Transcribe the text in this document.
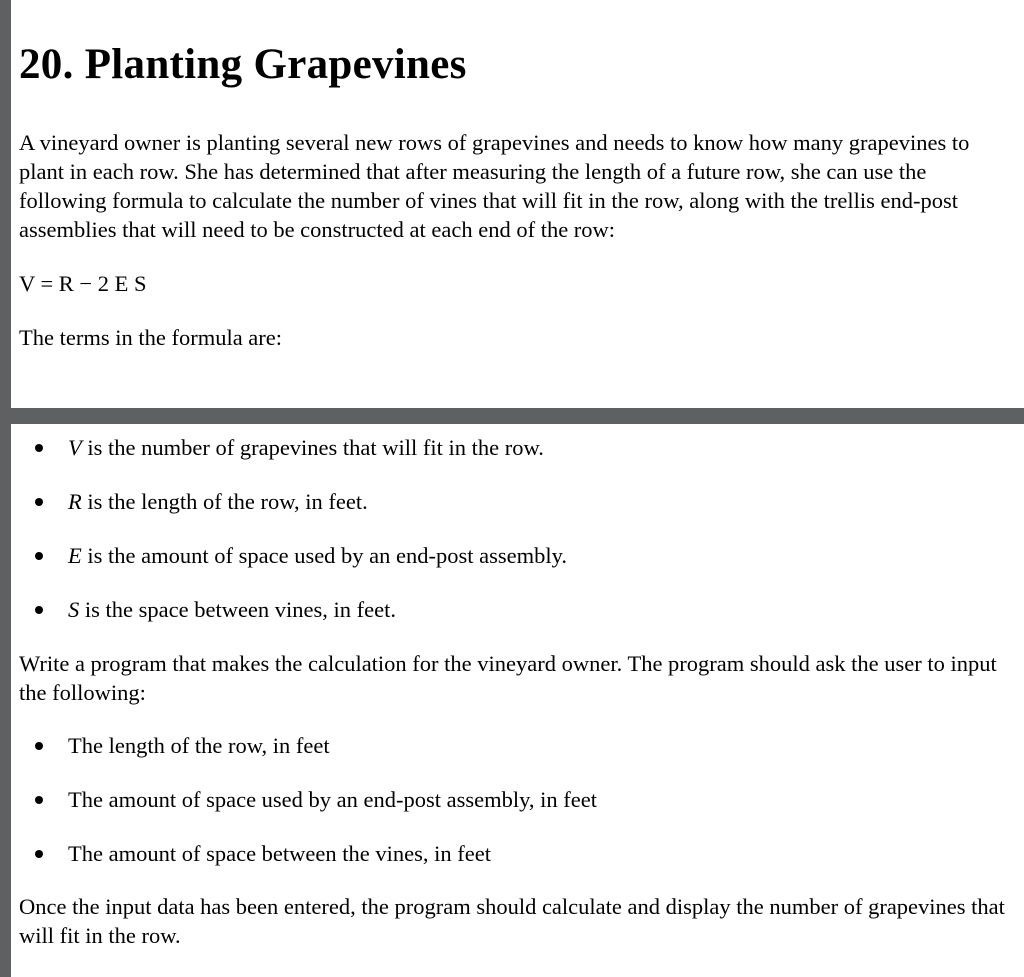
20. Planting Grapevines

A vineyard owner is planting several new rows of grapevines and needs to know how many grapevines to plant in each row. She has determined that after measuring the length of a future row, she can use the following formula to calculate the number of vines that will fit in the row, along with the trellis end-post assemblies that will need to be constructed at each end of the row:

V = R − 2 E S

The terms in the formula are:

V is the number of grapevines that will fit in the row.
R is the length of the row, in feet.
E is the amount of space used by an end-post assembly.
S is the space between vines, in feet.

Write a program that makes the calculation for the vineyard owner. The program should ask the user to input the following:

The length of the row, in feet
The amount of space used by an end-post assembly, in feet
The amount of space between the vines, in feet

Once the input data has been entered, the program should calculate and display the number of grapevines that will fit in the row.
